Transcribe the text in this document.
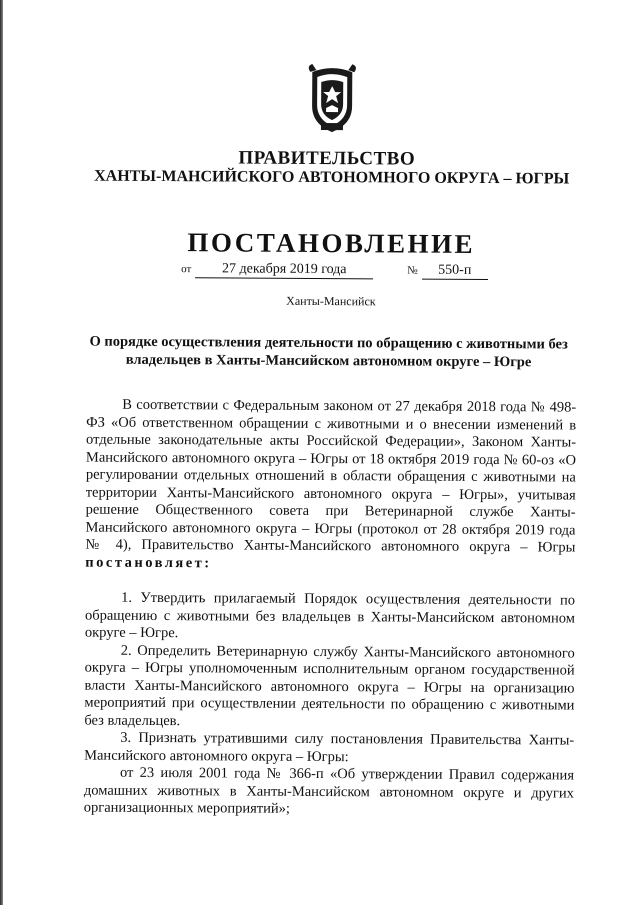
ПРАВИТЕЛЬСТВО
ХАНТЫ-МАНСИЙСКОГО АВТОНОМНОГО ОКРУГА – ЮГРЫ
ПОСТАНОВЛЕНИЕ
от 27 декабря 2019 года	№ 550-п
Ханты-Мансийск
О порядке осуществления деятельности по обращению с животными без владельцев в Ханты-Мансийском автономном округе – Югре

В соответствии с Федеральным законом от 27 декабря 2018 года № 498-ФЗ «Об ответственном обращении с животными и о внесении изменений в отдельные законодательные акты Российской Федерации», Законом Ханты-Мансийского автономного округа – Югры от 18 октября 2019 года № 60-оз «О регулировании отдельных отношений в области обращения с животными на территории Ханты-Мансийского автономного округа – Югры», учитывая решение Общественного совета при Ветеринарной службе Ханты-Мансийского автономного округа – Югры (протокол от 28 октября 2019 года № 4), Правительство Ханты-Мансийского автономного округа – Югры постановляет:

1. Утвердить прилагаемый Порядок осуществления деятельности по обращению с животными без владельцев в Ханты-Мансийском автономном округе – Югре.

2. Определить Ветеринарную службу Ханты-Мансийского автономного округа – Югры уполномоченным исполнительным органом государственной власти Ханты-Мансийского автономного округа – Югры на организацию мероприятий при осуществлении деятельности по обращению с животными без владельцев.

3. Признать утратившими силу постановления Правительства Ханты-Мансийского автономного округа – Югры:

от 23 июля 2001 года № 366-п «Об утверждении Правил содержания домашних животных в Ханты-Мансийском автономном округе и других организационных мероприятий»;
